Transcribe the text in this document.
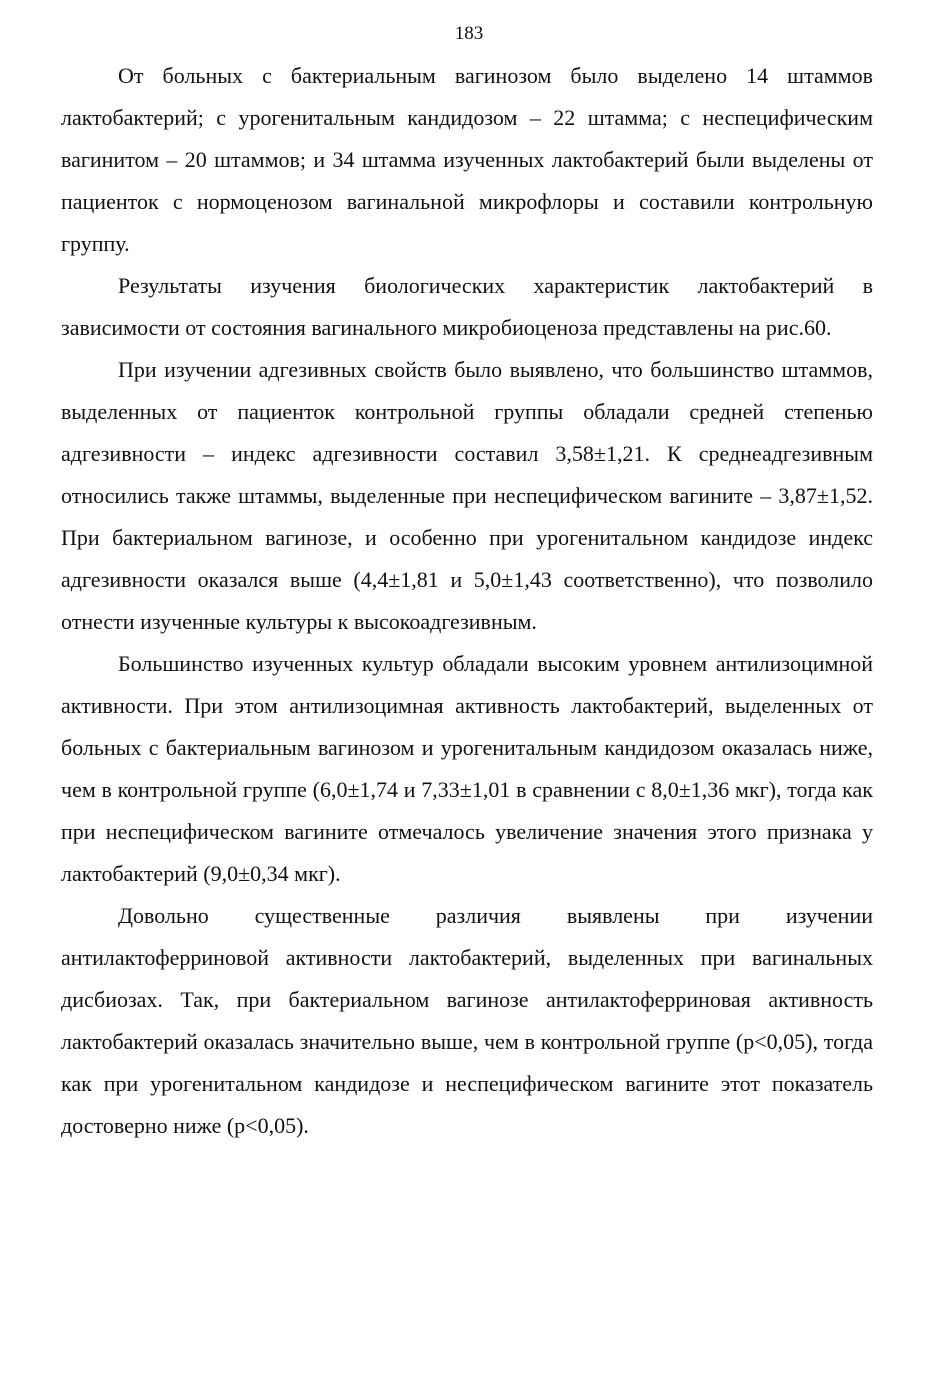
183

От больных с бактериальным вагинозом было выделено 14 штаммов лактобактерий; с урогенитальным кандидозом – 22 штамма; с неспецифическим вагинитом – 20 штаммов; и 34 штамма изученных лактобактерий были выделены от пациенток с нормоценозом вагинальной микрофлоры и составили контрольную группу.

Результаты изучения биологических характеристик лактобактерий в зависимости от состояния вагинального микробиоценоза представлены на рис.60.

При изучении адгезивных свойств было выявлено, что большинство штаммов, выделенных от пациенток контрольной группы обладали средней степенью адгезивности – индекс адгезивности составил 3,58±1,21. К среднеадгезивным относились также штаммы, выделенные при неспецифическом вагините – 3,87±1,52. При бактериальном вагинозе, и особенно при урогенитальном кандидозе индекс адгезивности оказался выше (4,4±1,81 и 5,0±1,43 соответственно), что позволило отнести изученные культуры к высокоадгезивным.

Большинство изученных культур обладали высоким уровнем антилизоцимной активности. При этом антилизоцимная активность лактобактерий, выделенных от больных с бактериальным вагинозом и урогенитальным кандидозом оказалась ниже, чем в контрольной группе (6,0±1,74 и 7,33±1,01 в сравнении с 8,0±1,36 мкг), тогда как при неспецифическом вагините отмечалось увеличение значения этого признака у лактобактерий (9,0±0,34 мкг).

Довольно существенные различия выявлены при изучении антилактоферриновой активности лактобактерий, выделенных при вагинальных дисбиозах. Так, при бактериальном вагинозе антилактоферриновая активность лактобактерий оказалась значительно выше, чем в контрольной группе (p<0,05), тогда как при урогенитальном кандидозе и неспецифическом вагините этот показатель достоверно ниже (p<0,05).
